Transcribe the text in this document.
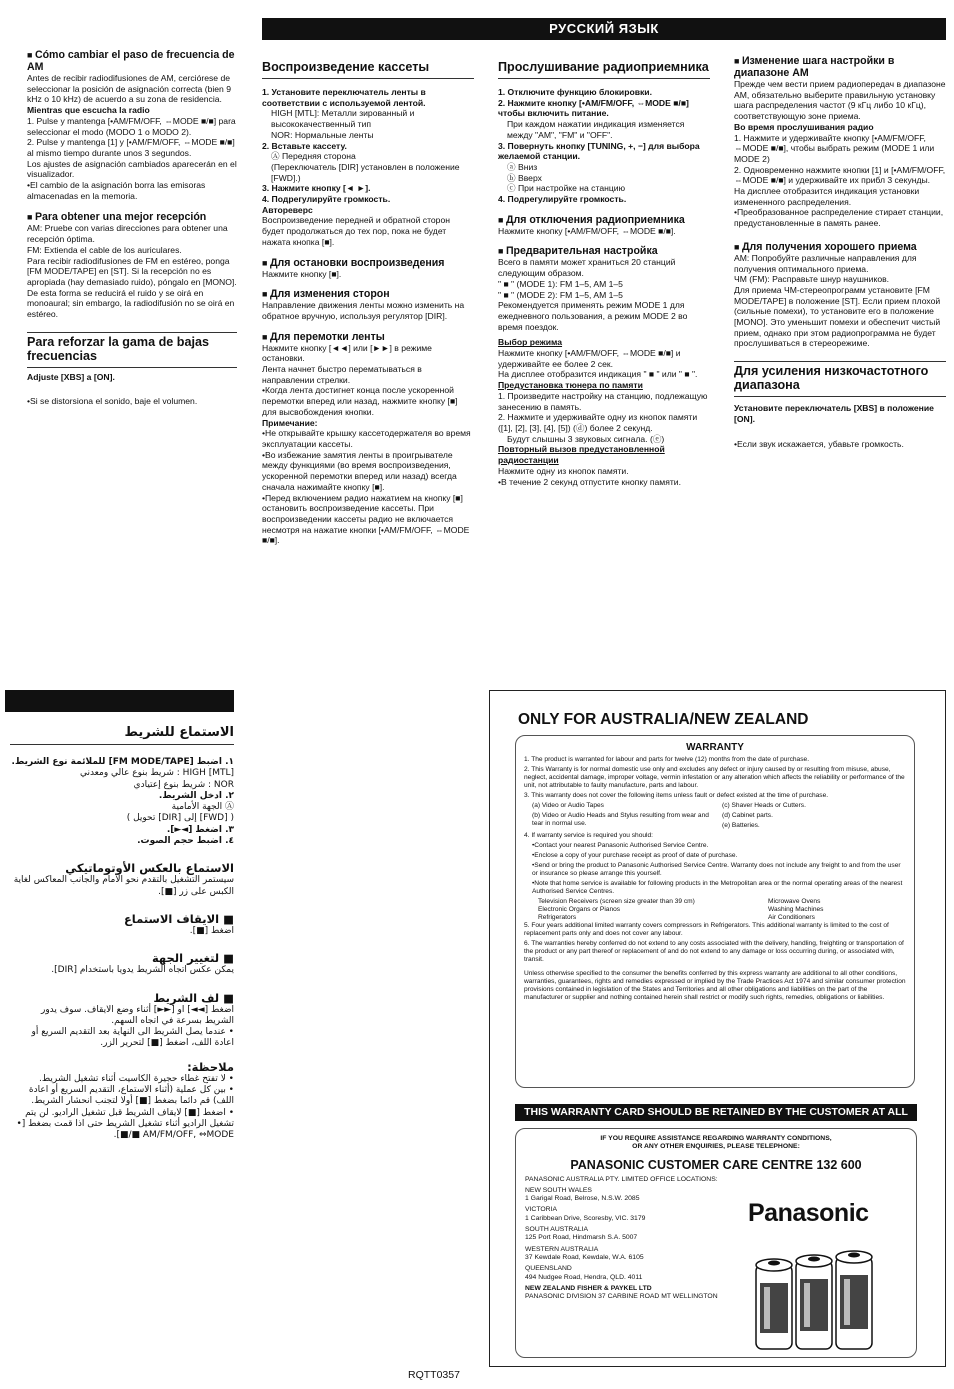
■ Cómo cambiar el paso de frecuencia de AM

Antes de recibir radiodifusiones de AM, cerciórese de seleccionar la posición de asignación correcta (bien 9 kHz o 10 kHz) de acuerdo a su zona de residencia.

Mientras que escucha la radio

1. Pulse y mantenga [•AM/FM/OFF, ⇔MODE ■/■] para seleccionar el modo (MODO 1 o MODO 2).

2. Pulse y mantenga [1] y [•AM/FM/OFF, ⇔MODE ■/■] al mismo tiempo durante unos 3 segundos.

Los ajustes de asignación cambiados aparecerán en el visualizador.

•El cambio de la asignación borra las emisoras almacenadas en la memoria.

■ Para obtener una mejor recepción

AM: Pruebe con varias direcciones para obtener una recepción óptima.

FM: Extienda el cable de los auriculares.

Para recibir radiodifusiones de FM en estéreo, ponga [FM MODE/TAPE] en [ST]. Si la recepción no es apropiada (hay demasiado ruido), póngalo en [MONO]. De esta forma se reducirá el ruido y se oirá en monoaural; sin embargo, la radiodifusión no se oirá en estéreo.

Para reforzar la gama de bajas frecuencias

Adjuste [XBS] a [ON].

•Si se distorsiona el sonido, baje el volumen.

РУССКИЙ ЯЗЫК
Воспроизведение кассеты

1. Установите переключатель ленты в соответствии с используемой лентой.

HIGH [MTL]: Металли зированный и высококачественный тип

NOR: Нормальные ленты

2. Вставьте кассету.

Ⓐ Передняя сторона

(Переключатель [DIR] установлен в положение [FWD].)

3. Нажмите кнопку [◄ ►].

4. Подрегулируйте громкость.

Автореверс

Воспроизведение передней и обратной сторон будет продолжаться до тех пор, пока не будет нажата кнопка [■].

■ Для остановки воспроизведения

Нажмите кнопку [■].

■ Для изменения сторон

Направление движения ленты можно изменить на обратное вручную, используя регулятор [DIR].

■ Для перемотки ленты

Нажмите кнопку [◄◄] или [►►] в режиме остановки.

Лента начнет быстро перематываться в направлении стрелки.

•Когда лента достигнет конца после ускоренной перемотки вперед или назад, нажмите кнопку [■] для высвобождения кнопки.

Примечание:

•Не открывайте крышку кассетодержателя во время эксплуатации кассеты.

•Во избежание замятия ленты в проигрывателе между функциями (во время воспроизведения, ускоренной перемотки вперед или назад) всегда сначала нажимайте кнопку [■].

•Перед включением радио нажатием на кнопку [■] остановить воспроизведение кассеты. При воспроизведении кассеты радио не включается несмотря на нажатие кнопки [•AM/FM/OFF, ⇔MODE ■/■].

Прослушивание радиоприемника

1. Отключите функцию блокировки.

2. Нажмите кнопку [•AM/FM/OFF, ⇔MODE ■/■] чтобы включить питание.

При каждом нажатии индикация изменяется между "AM", "FM" и "OFF".

3. Повернуть кнопку [TUNING, +, −] для выбора желаемой станции.

ⓐ Вниз

ⓑ Вверх

ⓒ При настройке на станцию

4. Подрегулируйте громкость.

■ Для отключения радиоприемника

Нажмите кнопку [•AM/FM/OFF, ⇔MODE ■/■].

■ Предварительная настройка

Всего в памяти может храниться 20 станций следующим образом.

" ■ " (MODE 1): FM 1–5, AM 1–5

" ■ " (MODE 2): FM 1–5, AM 1–5

Рекомендуется применять режим MODE 1 для ежедневного пользования, а режим MODE 2 во время поездок.

Выбор режима

Нажмите кнопку [•AM/FM/OFF, ⇔MODE ■/■] и удерживайте ее более 2 сек.

На дисплее отобразится индикация " ■ " или " ■ ".

Предустановка тюнера по памяти

1. Произведите настройку на станцию, подлежащую занесению в память.

2. Нажмите и удерживайте одну из кнопок памяти ([1], [2], [3], [4], [5]) (ⓓ) более 2 секунд.

Будут слышны 3 звуковых сигнала. (ⓔ)

Повторный вызов предустановленной радиостанции

Нажмите одну из кнопок памяти.

•В течение 2 секунд отпустите кнопку памяти.

■ Изменение шага настройки в диапазоне AM

Прежде чем вести прием радиопередач в диапазоне AM, обязательно выберите правильную установку шага распределения частот (9 кГц либо 10 кГц), соответствующую зоне приема.

Во время прослушивания радио

1. Нажмите и удерживайте кнопку [•AM/FM/OFF, ⇔MODE ■/■], чтобы выбрать режим (MODE 1 или MODE 2)

2. Одновременно нажмите кнопки [1] и [•AM/FM/OFF, ⇔MODE ■/■] и удерживайте их прибл 3 секунды.

На дисплее отобразится индикация установки измененного распределения.

•Преобразованное распределение стирает станции, предустановленные в память ранее.

■ Для получения хорошего приема

AM: Попробуйте различные направления для получения оптимального приема.

ЧМ (FM): Расправьте шнур наушников.

Для приема ЧМ-стереопрограмм установите [FM MODE/TAPE] в положение [ST]. Если прием плохой (сильные помехи), то установите его в положение [MONO]. Это уменьшит помехи и обеспечит чистый прием, однако при этом радиопрограмма не будет прослушиваться в стереорежиме.

Для усиления низкочастотного диапазона

Установите переключатель [XBS] в положение [ON].

•Если звук искажается, убавьте громкость.

الاستماع للشريط

١. اضبط [FM MODE/TAPE] للملائمة نوع الشريط.

HIGH [MTL] : شريط بنوع عالي ومعدني

NOR : شريط بنوع إعتيادي

٢. ادخل الشريط.

Ⓐ الجهة الأمامية

( [FWD] إلى [DIR] تحويل )

٣. اضغط [◄►].

٤. اضبط حجم الصوت.

الاستماع بالعكس الأوتوماتيكي

سيستمر التشغيل بالتقدم نحو الامام والجانب المعاكس لغاية الكبس على زر [■].

■ الايقاف الاستماع

اضغط [■].

■ لتغيير الجهة

يمكن عكس اتجاه الشريط يدويا باستخدام [DIR].

■ لف الشريط

اضغط [◄◄] او [►►] أثناء وضع الايقاف. سوف يدور الشريط بسرعة في اتجاه السهم.

• عندما يصل الشريط الى النهاية بعد التقديم السريع أو اعادة اللف، اضغط [■] لتحرير الزر.

ملاحظة:

• لا تفتح غطاء حجيرة الكاسيت أثناء تشغيل الشريط.

• بين كل عملية (أثناء الاستماع، التقديم السريع أو اعادة اللف) قم دائما بضغط [■] أولا لتجنب انحشار الشريط.

• اضغط [■] لايقاف الشريط قبل تشغيل الراديو. لن يتم تشغيل الراديو أثناء تشغيل الشريط حتى اذا قمت بضغط [• AM/FM/OFF, ⇔MODE ■/■].

ONLY FOR AUSTRALIA/NEW ZEALAND

WARRANTY

1. The product is warranted for labour and parts for twelve (12) months from the date of purchase.

2. This Warranty is for normal domestic use only and excludes any defect or injury caused by or resulting from misuse, abuse, neglect, accidental damage, improper voltage, vermin infestation or any alteration which affects the reliability or performance of the unit, not attributable to faulty manufacture, parts and labour.

3. This warranty does not cover the following items unless fault or defect existed at the time of purchase.

(a) Video or Audio Tapes

(b) Video or Audio Heads and Stylus resulting from wear and tear in normal use.

(c) Shaver Heads or Cutters.

(d) Cabinet parts.

(e) Batteries.

4. If warranty service is required you should:

•Contact your nearest Panasonic Authorised Service Centre.

•Enclose a copy of your purchase receipt as proof of date of purchase.

•Send or bring the product to Panasonic Authorised Service Centre. Warranty does not include any freight to and from the user or insurance so please arrange this yourself.

•Note that home service is available for following products in the Metropolitan area or the normal operating areas of the nearest Authorised Service Centres.

Television Receivers (screen size greater than 39 cm)

Electronic Organs or Pianos

Refrigerators

Microwave Ovens

Washing Machines

Air Conditioners

5. Four years additional limited warranty covers compressors in Refrigerators. This additional warranty is limited to the cost of replacement parts only and does not cover any labour.

6. The warranties hereby conferred do not extend to any costs associated with the delivery, handling, freighting or transportation of the product or any part thereof or replacement of and do not extend to any damage or loss occurring during, or associated with, transit.

Unless otherwise specified to the consumer the benefits conferred by this express warranty are additional to all other conditions, warranties, guarantees, rights and remedies expressed or implied by the Trade Practices Act 1974 and similar consumer protection provisions contained in legislation of the States and Territories and all other obligations and liabilities on the part of the manufacturer or supplier and nothing contained herein shall restrict or modify such rights, remedies, obligations or liabilities.

THIS WARRANTY CARD SHOULD BE RETAINED BY THE CUSTOMER AT ALL TIMES

IF YOU REQUIRE ASSISTANCE REGARDING WARRANTY CONDITIONS,

OR ANY OTHER ENQUIRIES, PLEASE TELEPHONE:

PANASONIC CUSTOMER CARE CENTRE 132 600

PANASONIC AUSTRALIA PTY. LIMITED OFFICE LOCATIONS:

NEW SOUTH WALES

1 Garigal Road, Belrose, N.S.W. 2085

VICTORIA

1 Caribbean Drive, Scoresby, VIC. 3179

SOUTH AUSTRALIA

125 Port Road, Hindmarsh S.A. 5007

WESTERN AUSTRALIA

37 Kewdale Road, Kewdale, W.A. 6105

QUEENSLAND

494 Nudgee Road, Hendra, QLD. 4011

NEW ZEALAND FISHER & PAYKEL LTD

PANASONIC DIVISION 37 CARBINE ROAD MT WELLINGTON

Panasonic
RQTT0357
